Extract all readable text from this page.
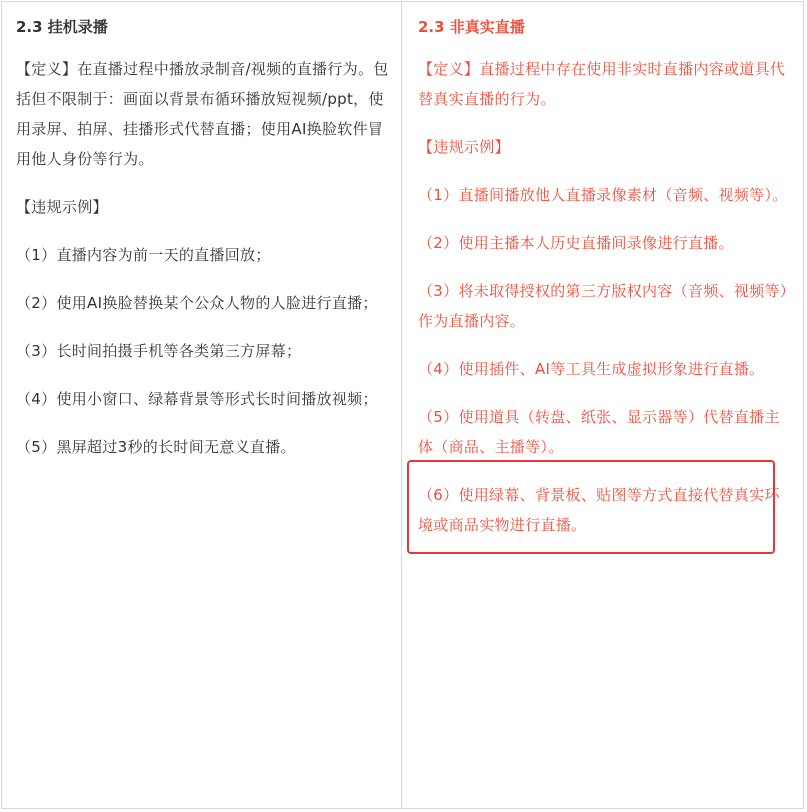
2.3 挂机录播

【定义】在直播过程中播放录制音/视频的直播行为。包括但不限制于：画面以背景布循环播放短视频/ppt，使用录屏、拍屏、挂播形式代替直播；使用AI换脸软件冒用他人身份等行为。

【违规示例】

（1）直播内容为前一天的直播回放；

（2）使用AI换脸替换某个公众人物的人脸进行直播；

（3）长时间拍摄手机等各类第三方屏幕；

（4）使用小窗口、绿幕背景等形式长时间播放视频；

（5）黑屏超过3秒的长时间无意义直播。

2.3 非真实直播

【定义】直播过程中存在使用非实时直播内容或道具代替真实直播的行为。

【违规示例】

（1）直播间播放他人直播录像素材（音频、视频等）。

（2）使用主播本人历史直播间录像进行直播。

（3）将未取得授权的第三方版权内容（音频、视频等）作为直播内容。

（4）使用插件、AI等工具生成虚拟形象进行直播。

（5）使用道具（转盘、纸张、显示器等）代替直播主体（商品、主播等）。

（6）使用绿幕、背景板、贴图等方式直接代替真实环境或商品实物进行直播。
